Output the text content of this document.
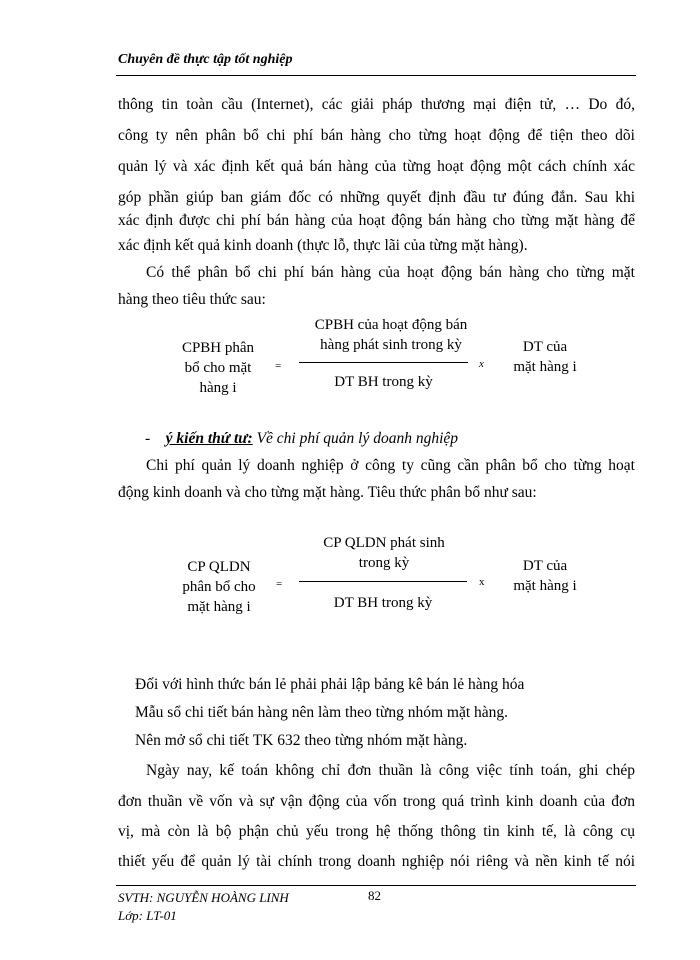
Chuyên đề thực tập tốt nghiệp
thông tin toàn cầu (Internet), các giải pháp thương mại điện tử, … Do đó,
công ty nên phân bổ chi phí bán hàng cho từng hoạt động để tiện theo dõi
quản lý và xác định kết quả bán hàng của từng hoạt động một cách chính xác
góp phần giúp ban giám đốc có những quyết định đầu tư đúng đắn. Sau khi
xác định được chi phí bán hàng của hoạt động bán hàng cho từng mặt hàng để
xác định kết quả kinh doanh (thực lỗ, thực lãi của từng mặt hàng).
Có thể phân bổ chi phí bán hàng của hoạt động bán hàng cho từng mặt
hàng theo tiêu thức sau:
CPBH phân
bổ cho mặt
hàng i
=
CPBH của hoạt động bán
hàng phát sinh trong kỳ
DT BH trong kỳ
x
DT của
mặt hàng i
- ý kiến thứ tư: Về chi phí quản lý doanh nghiệp
Chi phí quản lý doanh nghiệp ở công ty cũng cần phân bổ cho từng hoạt
động kinh doanh và cho từng mặt hàng. Tiêu thức phân bổ như sau:
CP QLDN
phân bổ cho
mặt hàng i
=
CP QLDN phát sinh
trong kỳ
DT BH trong kỳ
x
DT của
mặt hàng i
Đối với hình thức bán lẻ phải phải lập bảng kê bán lẻ hàng hóa
Mẫu sổ chi tiết bán hàng nên làm theo từng nhóm mặt hàng.
Nên mở sổ chi tiết TK 632 theo từng nhóm mặt hàng.
Ngày nay, kế toán không chỉ đơn thuần là công việc tính toán, ghi chép
đơn thuần về vốn và sự vận động của vốn trong quá trình kinh doanh của đơn
vị, mà còn là bộ phận chủ yếu trong hệ thống thông tin kinh tế, là công cụ
thiết yếu để quản lý tài chính trong doanh nghiệp nói riêng và nền kinh tế nói
SVTH: NGUYỄN HOÀNG LINH	82
Lớp: LT-01
